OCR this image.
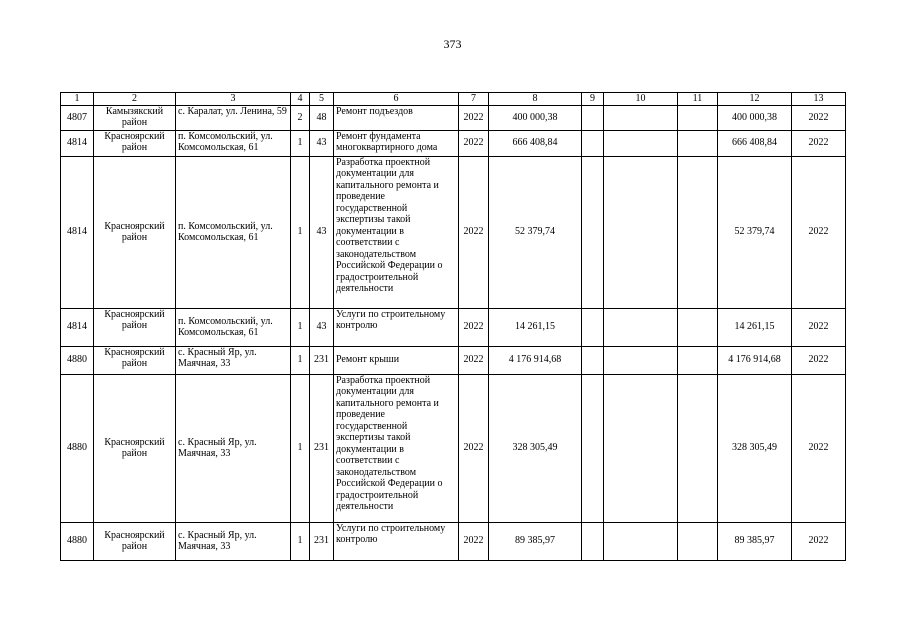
373
1	2	3	4	5	6	7	8	9	10	11	12	13
4807	Камызякский район	с. Каралат, ул. Ленина, 59	2	48	Ремонт подъездов	2022	400 000,38				400 000,38	2022
4814	Красноярский район	п. Комсомольский, ул. Комсомольская, 61	1	43	Ремонт фундамента многоквартирного дома	2022	666 408,84				666 408,84	2022
4814	Красноярский район	п. Комсомольский, ул. Комсомольская, 61	1	43	Разработка проектной документации для капитального ремонта и проведение государственной экспертизы такой документации в соответствии с законодательством Российской Федерации о градостроительной деятельности	2022	52 379,74				52 379,74	2022
4814	Красноярский район	п. Комсомольский, ул. Комсомольская, 61	1	43	Услуги по строительному контролю	2022	14 261,15				14 261,15	2022
4880	Красноярский район	с. Красный Яр, ул. Маячная, 33	1	231	Ремонт крыши	2022	4 176 914,68				4 176 914,68	2022
4880	Красноярский район	с. Красный Яр, ул. Маячная, 33	1	231	Разработка проектной документации для капитального ремонта и проведение государственной экспертизы такой документации в соответствии с законодательством Российской Федерации о градостроительной деятельности	2022	328 305,49				328 305,49	2022
4880	Красноярский район	с. Красный Яр, ул. Маячная, 33	1	231	Услуги по строительному контролю	2022	89 385,97				89 385,97	2022
